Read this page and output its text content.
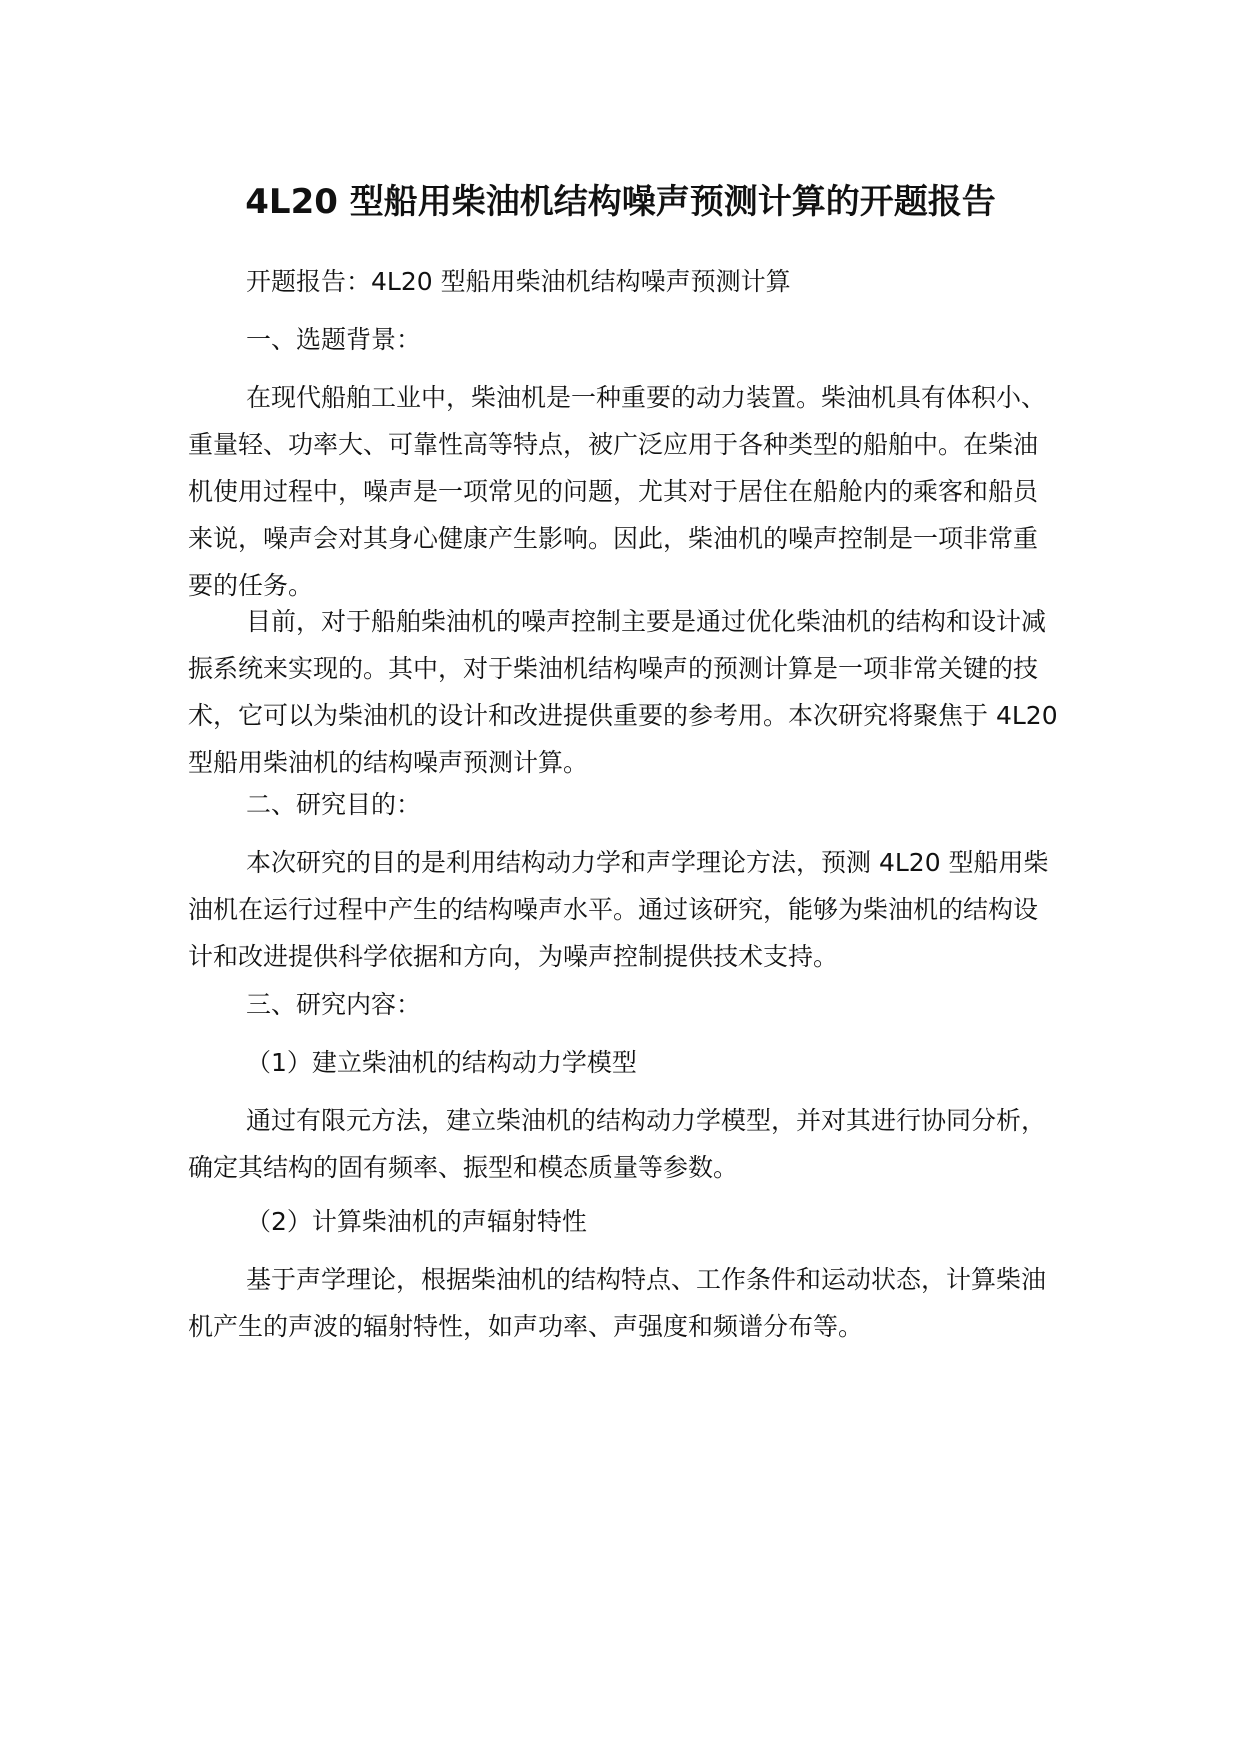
4L20 型船用柴油机结构噪声预测计算的开题报告

开题报告：4L20 型船用柴油机结构噪声预测计算

一、选题背景：

在现代船舶工业中，柴油机是一种重要的动力装置。柴油机具有体积小、重量轻、功率大、可靠性高等特点，被广泛应用于各种类型的船舶中。在柴油机使用过程中，噪声是一项常见的问题，尤其对于居住在船舱内的乘客和船员来说，噪声会对其身心健康产生影响。因此，柴油机的噪声控制是一项非常重要的任务。

目前，对于船舶柴油机的噪声控制主要是通过优化柴油机的结构和设计减振系统来实现的。其中，对于柴油机结构噪声的预测计算是一项非常关键的技术，它可以为柴油机的设计和改进提供重要的参考用。本次研究将聚焦于 4L20 型船用柴油机的结构噪声预测计算。

二、研究目的：

本次研究的目的是利用结构动力学和声学理论方法，预测 4L20 型船用柴油机在运行过程中产生的结构噪声水平。通过该研究，能够为柴油机的结构设计和改进提供科学依据和方向，为噪声控制提供技术支持。

三、研究内容：

（1）建立柴油机的结构动力学模型

通过有限元方法，建立柴油机的结构动力学模型，并对其进行协同分析，确定其结构的固有频率、振型和模态质量等参数。

（2）计算柴油机的声辐射特性

基于声学理论，根据柴油机的结构特点、工作条件和运动状态，计算柴油机产生的声波的辐射特性，如声功率、声强度和频谱分布等。
